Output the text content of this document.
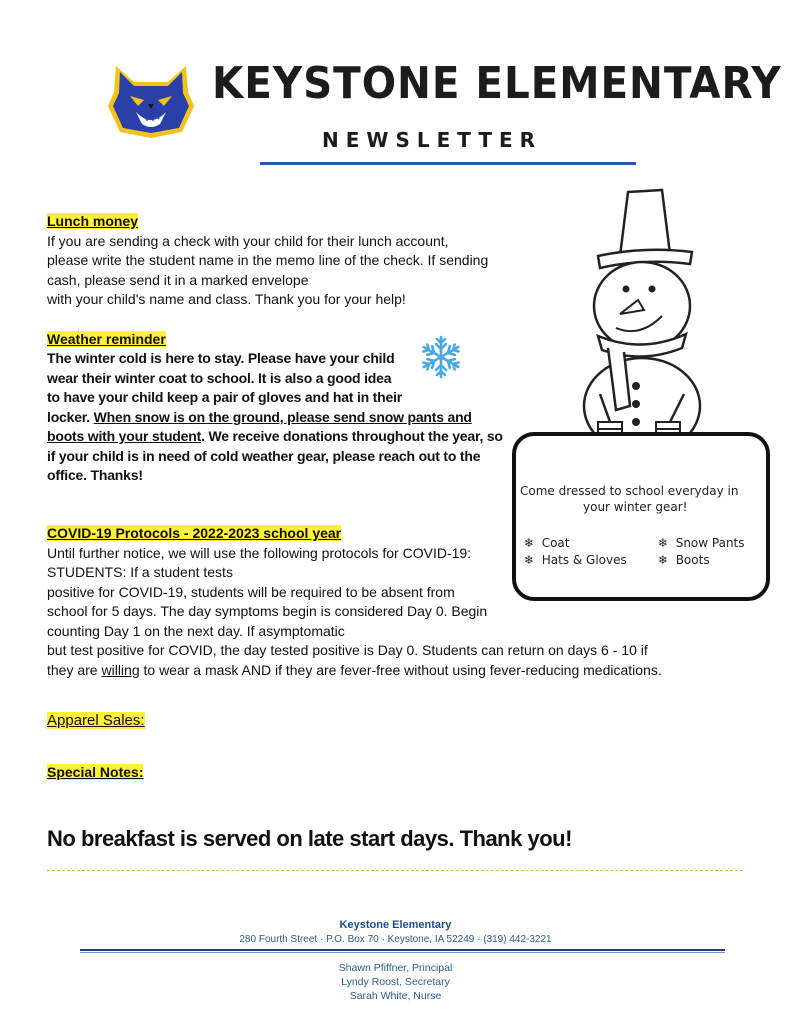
KEYSTONE ELEMENTARY
NEWSLETTER
Lunch money
If you are sending a check with your child for their lunch account,
please write the student name in the memo line of the check. If sending
cash, please send it in a marked envelope
with your child's name and class. Thank you for your help!
Weather reminder
The winter cold is here to stay. Please have your child
wear their winter coat to school. It is also a good idea
to have your child keep a pair of gloves and hat in their
locker. When snow is on the ground, please send snow pants and
boots with your student. We receive donations throughout the year, so
if your child is in need of cold weather gear, please reach out to the
office. Thanks!
Come dressed to school everyday in
your winter gear!
❄ Coat	❄ Snow Pants
❄ Hats & Gloves	❄ Boots
COVID-19 Protocols - 2022-2023 school year
Until further notice, we will use the following protocols for COVID-19:
STUDENTS: If a student tests
positive for COVID-19, students will be required to be absent from
school for 5 days. The day symptoms begin is considered Day 0. Begin
counting Day 1 on the next day. If asymptomatic
but test positive for COVID, the day tested positive is Day 0. Students can return on days 6 - 10 if
they are willing to wear a mask AND if they are fever-free without using fever-reducing medications.
Apparel Sales:
Special Notes:
No breakfast is served on late start days. Thank you!
Keystone Elementary
280 Fourth Street · P.O. Box 70 · Keystone, IA 52249 · (319) 442-3221
Shawn Pfiffner, Principal
Lyndy Roost, Secretary
Sarah White, Nurse
